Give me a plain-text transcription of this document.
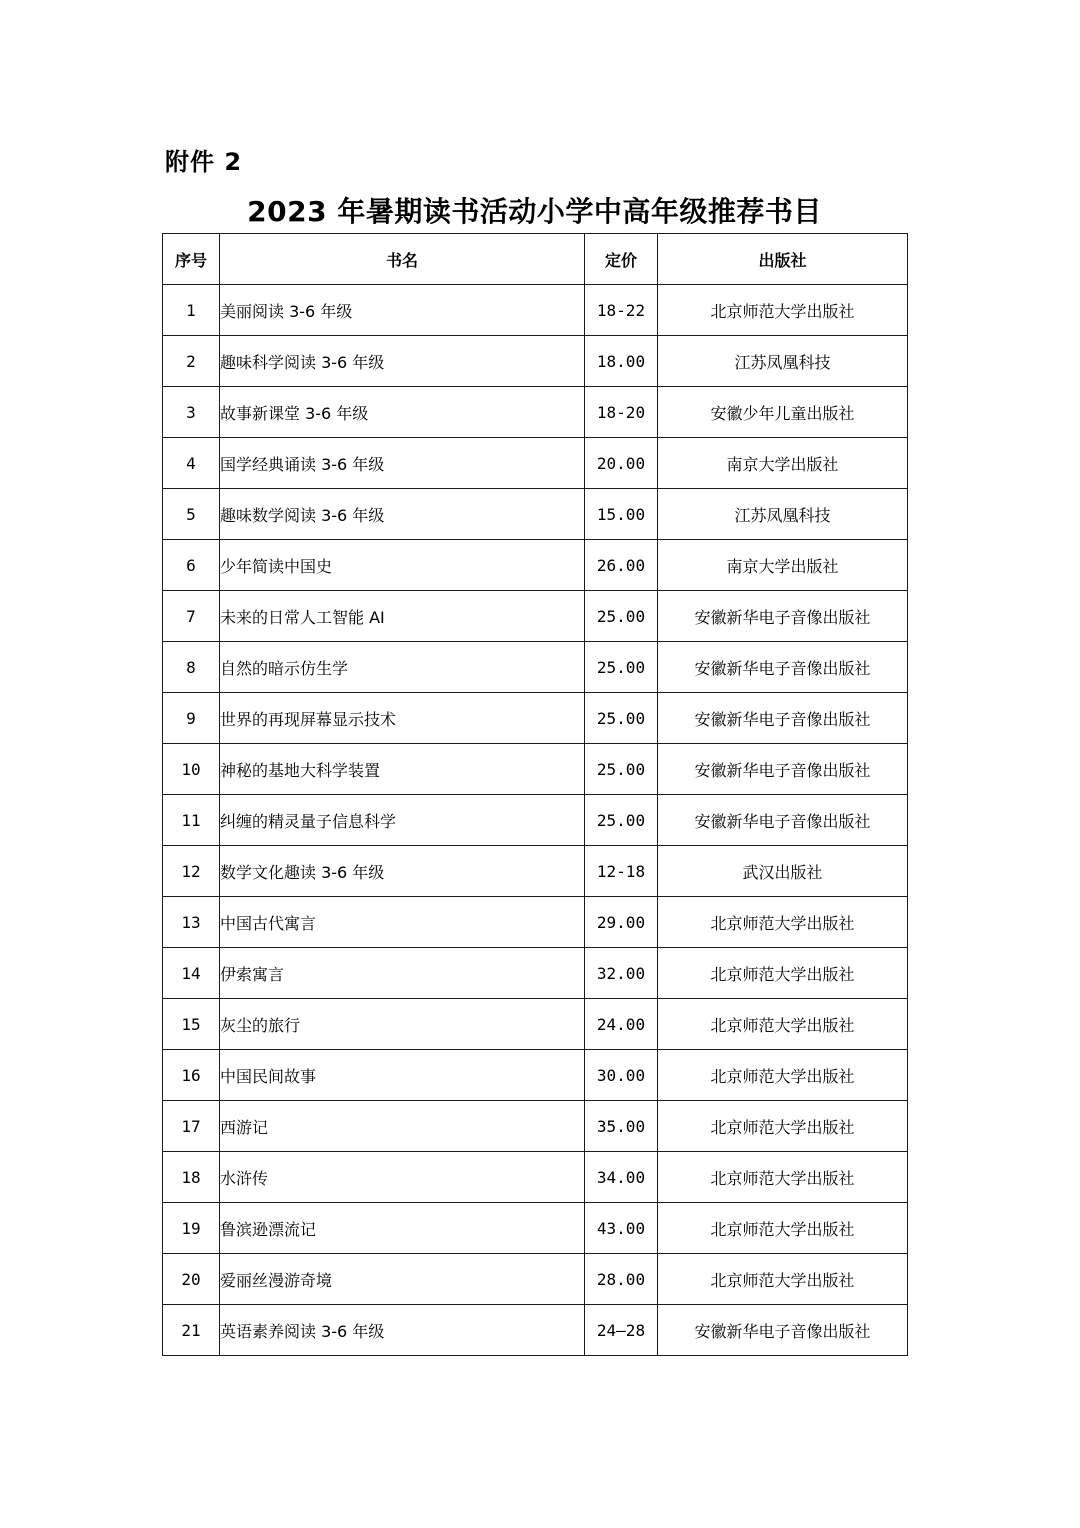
附件 2
2023 年暑期读书活动小学中高年级推荐书目
序号	书名	定价	出版社
1	美丽阅读 3-6 年级	18-22	北京师范大学出版社
2	趣味科学阅读 3-6 年级	18.00	江苏凤凰科技
3	故事新课堂 3-6 年级	18-20	安徽少年儿童出版社
4	国学经典诵读 3-6 年级	20.00	南京大学出版社
5	趣味数学阅读 3-6 年级	15.00	江苏凤凰科技
6	少年简读中国史	26.00	南京大学出版社
7	未来的日常人工智能 AI	25.00	安徽新华电子音像出版社
8	自然的暗示仿生学	25.00	安徽新华电子音像出版社
9	世界的再现屏幕显示技术	25.00	安徽新华电子音像出版社
10	神秘的基地大科学装置	25.00	安徽新华电子音像出版社
11	纠缠的精灵量子信息科学	25.00	安徽新华电子音像出版社
12	数学文化趣读 3-6 年级	12-18	武汉出版社
13	中国古代寓言	29.00	北京师范大学出版社
14	伊索寓言	32.00	北京师范大学出版社
15	灰尘的旅行	24.00	北京师范大学出版社
16	中国民间故事	30.00	北京师范大学出版社
17	西游记	35.00	北京师范大学出版社
18	水浒传	34.00	北京师范大学出版社
19	鲁滨逊漂流记	43.00	北京师范大学出版社
20	爱丽丝漫游奇境	28.00	北京师范大学出版社
21	英语素养阅读 3-6 年级	24—28	安徽新华电子音像出版社
